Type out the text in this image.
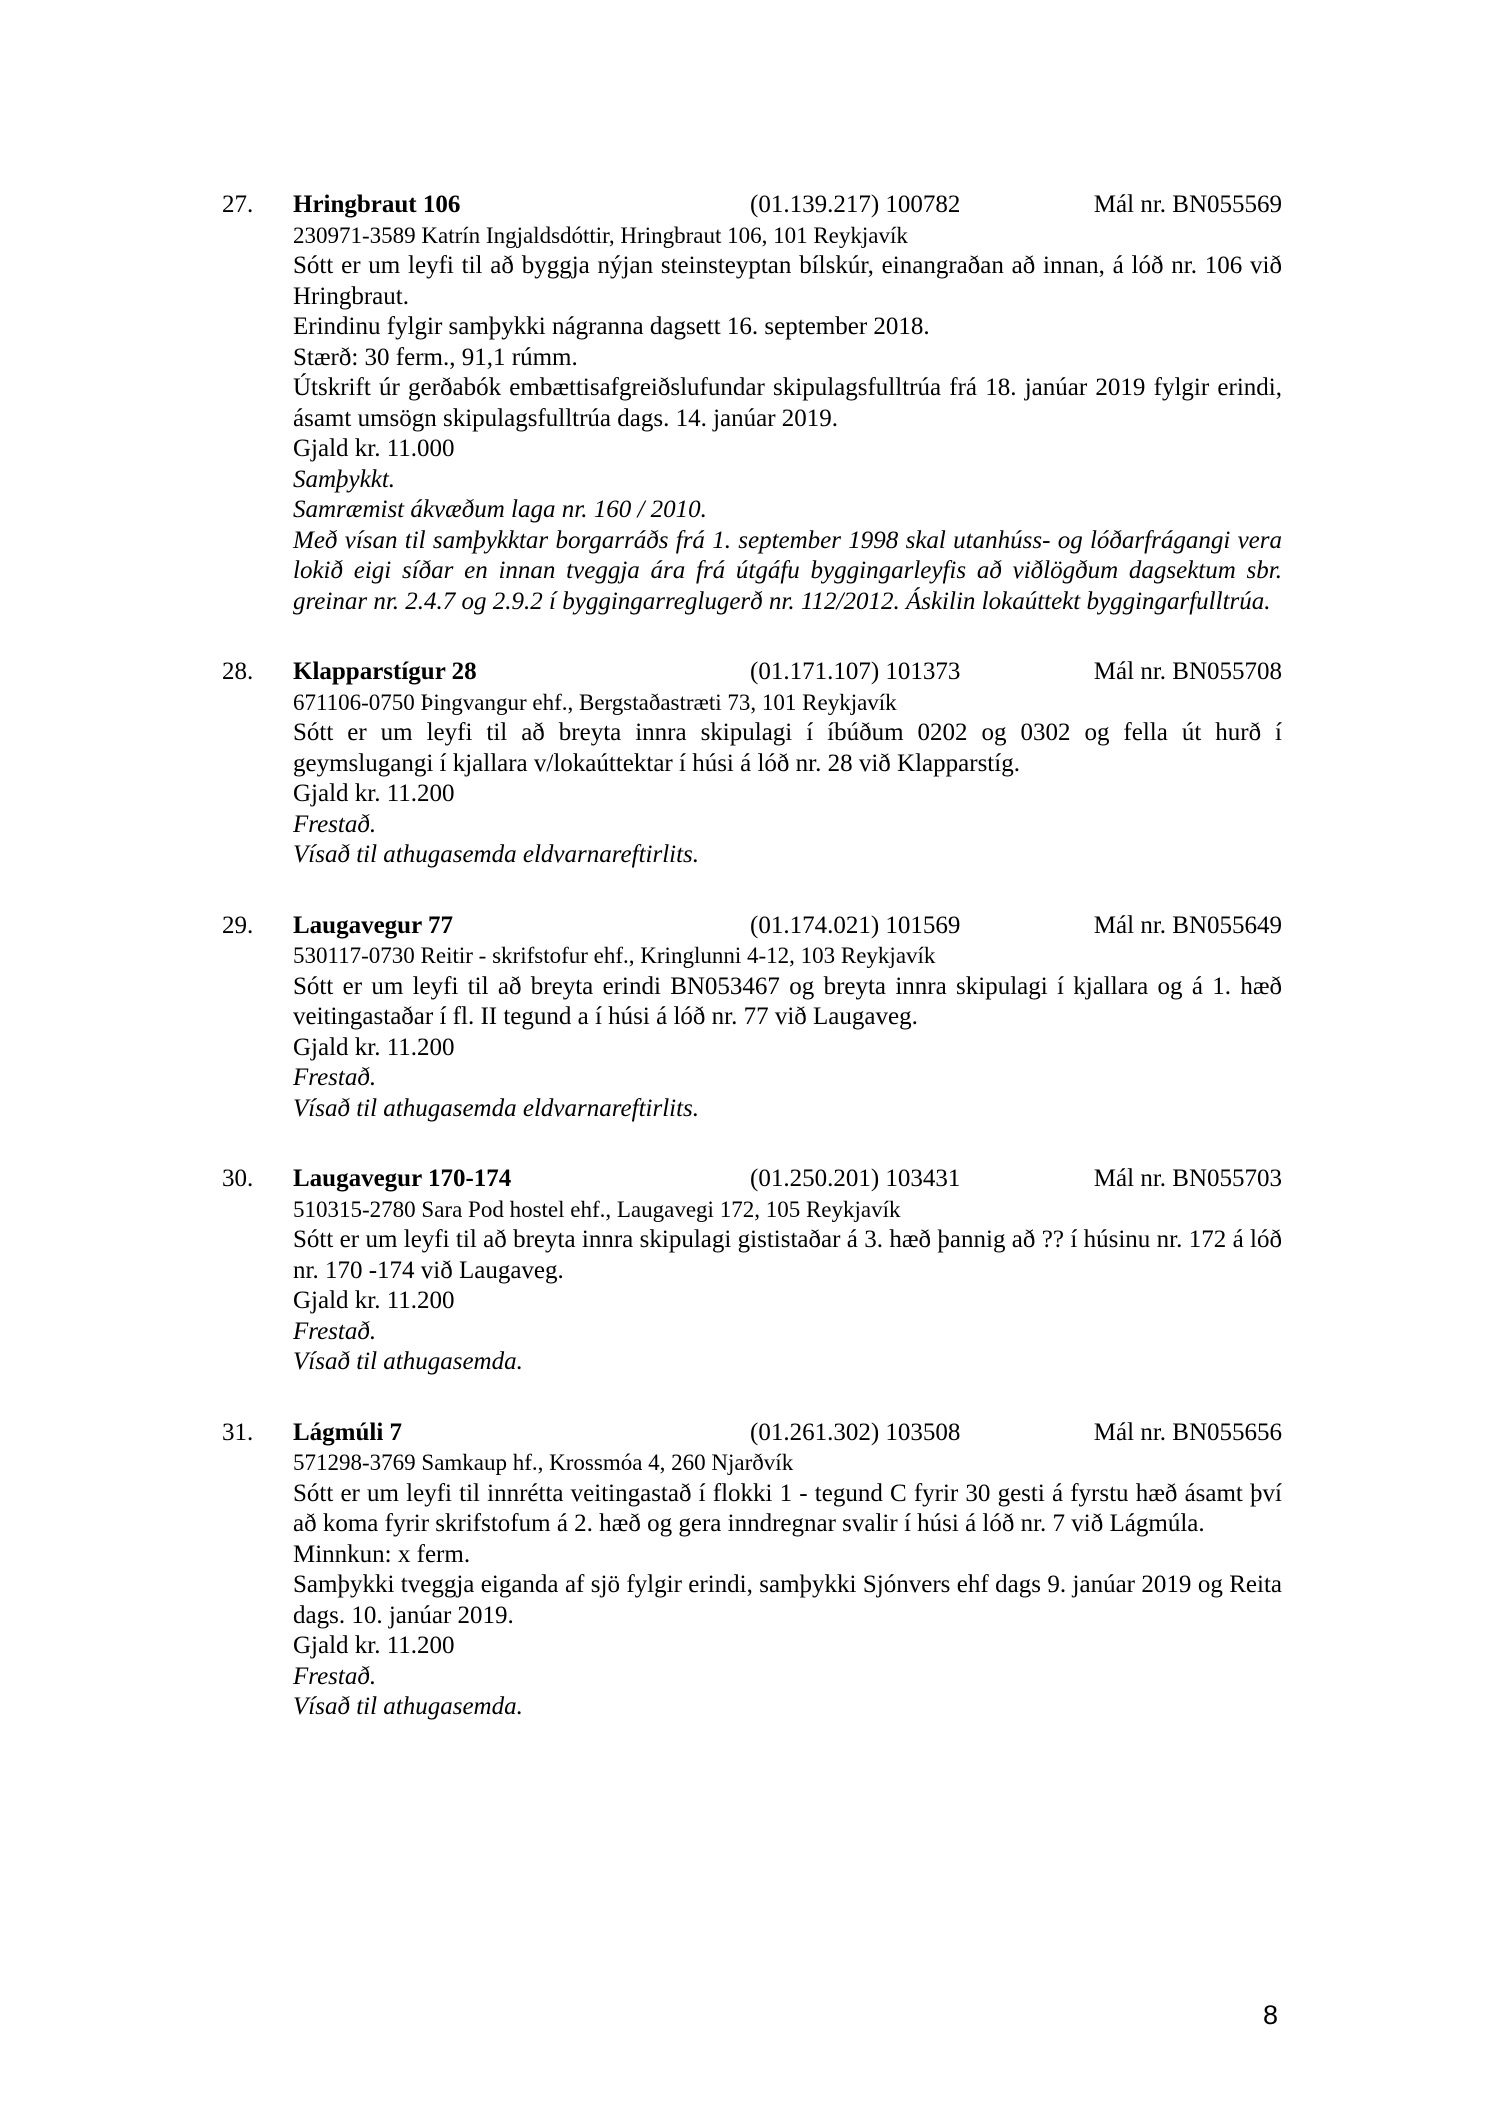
27.	Hringbraut 106	(01.139.217) 100782	Mál nr. BN055569
230971-3589 Katrín Ingjaldsdóttir, Hringbraut 106, 101 Reykjavík

Sótt er um leyfi til að byggja nýjan steinsteyptan bílskúr, einangraðan að innan, á lóð nr. 106 við Hringbraut.

Erindinu fylgir samþykki nágranna dagsett 16. september 2018.

Stærð: 30 ferm., 91,1 rúmm.

Útskrift úr gerðabók embættisafgreiðslufundar skipulagsfulltrúa frá 18. janúar 2019 fylgir erindi, ásamt umsögn skipulagsfulltrúa dags. 14. janúar 2019.

Gjald kr. 11.000

Samþykkt.

Samræmist ákvæðum laga nr. 160 / 2010.

Með vísan til samþykktar borgarráðs frá 1. september 1998 skal utanhúss- og lóðarfrágangi vera lokið eigi síðar en innan tveggja ára frá útgáfu byggingarleyfis að viðlögðum dagsektum sbr. greinar nr. 2.4.7 og 2.9.2 í byggingarreglugerð nr. 112/2012. Áskilin lokaúttekt byggingarfulltrúa.

28.	Klapparstígur 28	(01.171.107) 101373	Mál nr. BN055708
671106-0750 Þingvangur ehf., Bergstaðastræti 73, 101 Reykjavík

Sótt er um leyfi til að breyta innra skipulagi í íbúðum 0202 og 0302 og fella út hurð í geymslugangi í kjallara v/lokaúttektar í húsi á lóð nr. 28 við Klapparstíg.

Gjald kr. 11.200

Frestað.

Vísað til athugasemda eldvarnareftirlits.

29.	Laugavegur 77	(01.174.021) 101569	Mál nr. BN055649
530117-0730 Reitir - skrifstofur ehf., Kringlunni 4-12, 103 Reykjavík

Sótt er um leyfi til að breyta erindi BN053467 og breyta innra skipulagi í kjallara og á 1. hæð veitingastaðar í fl. II tegund a í húsi á lóð nr. 77 við Laugaveg.

Gjald kr. 11.200

Frestað.

Vísað til athugasemda eldvarnareftirlits.

30.	Laugavegur 170-174	(01.250.201) 103431	Mál nr. BN055703
510315-2780 Sara Pod hostel ehf., Laugavegi 172, 105 Reykjavík

Sótt er um leyfi til að breyta innra skipulagi gististaðar á 3. hæð þannig að ?? í húsinu nr. 172 á lóð nr. 170 -174 við Laugaveg.

Gjald kr. 11.200

Frestað.

Vísað til athugasemda.

31.	Lágmúli 7	(01.261.302) 103508	Mál nr. BN055656
571298-3769 Samkaup hf., Krossmóa 4, 260 Njarðvík

Sótt er um leyfi til innrétta veitingastað í flokki 1 - tegund C fyrir 30 gesti á fyrstu hæð ásamt því að koma fyrir skrifstofum á 2. hæð og gera inndregnar svalir í húsi á lóð nr. 7 við Lágmúla.

Minnkun: x ferm.

Samþykki tveggja eiganda af sjö fylgir erindi, samþykki Sjónvers ehf dags 9. janúar 2019 og Reita dags. 10. janúar 2019.

Gjald kr. 11.200

Frestað.

Vísað til athugasemda.

8
